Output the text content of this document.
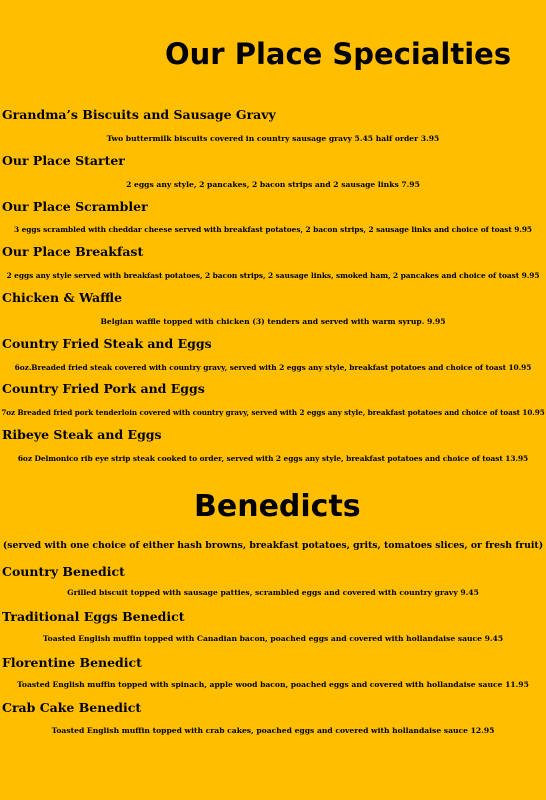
Our Place Specialties
Grandma’s Biscuits and Sausage Gravy
Two buttermilk biscuits covered in country sausage gravy 5.45 half order 3.95
Our Place Starter
2 eggs any style, 2 pancakes, 2 bacon strips and 2 sausage links 7.95
Our Place Scrambler
3 eggs scrambled with cheddar cheese served with breakfast potatoes, 2 bacon strips, 2 sausage links and choice of toast 9.95
Our Place Breakfast
2 eggs any style served with breakfast potatoes, 2 bacon strips, 2 sausage links, smoked ham, 2 pancakes and choice of toast 9.95
Chicken & Waffle
Belgian waffle topped with chicken (3) tenders and served with warm syrup. 9.95
Country Fried Steak and Eggs
6oz.Breaded fried steak covered with country gravy, served with 2 eggs any style, breakfast potatoes and choice of toast 10.95
Country Fried Pork and Eggs
7oz Breaded fried pork tenderloin covered with country gravy, served with 2 eggs any style, breakfast potatoes and choice of toast 10.95
Ribeye Steak and Eggs
6oz Delmonico rib eye strip steak cooked to order, served with 2 eggs any style, breakfast potatoes and choice of toast 13.95
Benedicts
(served with one choice of either hash browns, breakfast potatoes, grits, tomatoes slices, or fresh fruit)
Country Benedict
Grilled biscuit topped with sausage patties, scrambled eggs and covered with country gravy 9.45
Traditional Eggs Benedict
Toasted English muffin topped with Canadian bacon, poached eggs and covered with hollandaise sauce 9.45
Florentine Benedict
Toasted English muffin topped with spinach, apple wood bacon, poached eggs and covered with hollandaise sauce 11.95
Crab Cake Benedict
Toasted English muffin topped with crab cakes, poached eggs and covered with hollandaise sauce 12.95
